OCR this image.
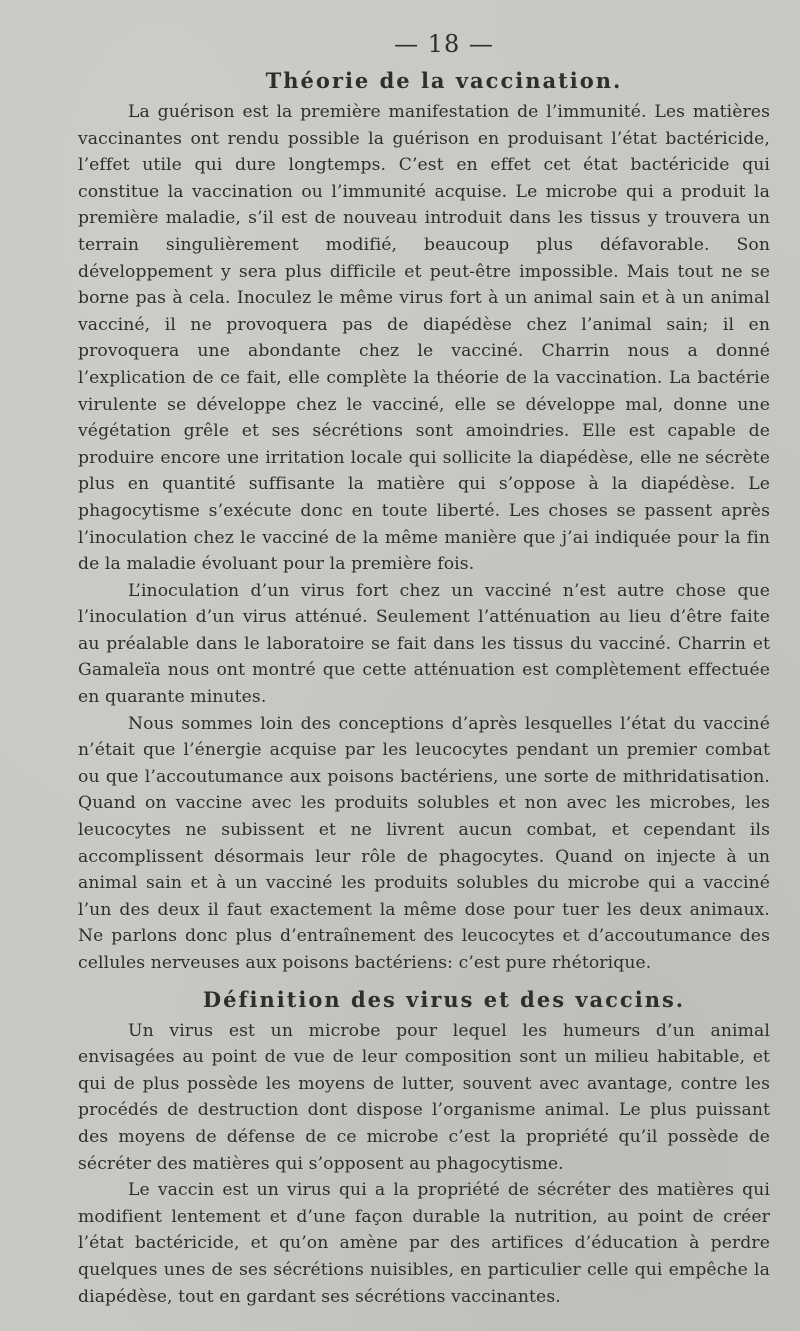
— 18 —
Théorie de la vaccination.

La guérison est la première manifestation de l’immunité. Les matières vaccinantes ont rendu possible la guérison en produisant l’état bactéricide, l’effet utile qui dure longtemps. C’est en effet cet état bactéricide qui constitue la vaccination ou l’immunité acquise. Le microbe qui a produit la première maladie, s’il est de nouveau introduit dans les tissus y trouvera un terrain singulièrement modifié, beaucoup plus défavorable. Son développement y sera plus difficile et peut-être impossible. Mais tout ne se borne pas à cela. Inoculez le même virus fort à un animal sain et à un animal vacciné, il ne provoquera pas de diapédèse chez l’animal sain; il en provoquera une abondante chez le vacciné. Charrin nous a donné l’explication de ce fait, elle complète la théorie de la vaccination. La bactérie virulente se développe chez le vacciné, elle se développe mal, donne une végétation grêle et ses sécrétions sont amoindries. Elle est capable de produire encore une irritation locale qui sollicite la diapédèse, elle ne sécrète plus en quantité suffisante la matière qui s’oppose à la diapédèse. Le phagocytisme s’exécute donc en toute liberté. Les choses se passent après l’inoculation chez le vacciné de la même manière que j’ai indiquée pour la fin de la maladie évoluant pour la première fois.

L’inoculation d’un virus fort chez un vacciné n’est autre chose que l’inoculation d’un virus atténué. Seulement l’atténuation au lieu d’être faite au préalable dans le laboratoire se fait dans les tissus du vacciné. Charrin et Gamaleïa nous ont montré que cette atténuation est complètement effectuée en quarante minutes.

Nous sommes loin des conceptions d’après lesquelles l’état du vacciné n’était que l’énergie acquise par les leucocytes pendant un premier combat ou que l’accoutumance aux poisons bactériens, une sorte de mithridatisation. Quand on vaccine avec les produits solubles et non avec les microbes, les leucocytes ne subissent et ne livrent aucun combat, et cependant ils accomplissent désormais leur rôle de phagocytes. Quand on injecte à un animal sain et à un vacciné les produits solubles du microbe qui a vacciné l’un des deux il faut exactement la même dose pour tuer les deux animaux. Ne parlons donc plus d’entraînement des leucocytes et d’accoutumance des cellules nerveuses aux poisons bactériens: c’est pure rhétorique.

Définition des virus et des vaccins.

Un virus est un microbe pour lequel les humeurs d’un animal envisagées au point de vue de leur composition sont un milieu habitable, et qui de plus possède les moyens de lutter, souvent avec avantage, contre les procédés de destruction dont dispose l’organisme animal. Le plus puissant des moyens de défense de ce microbe c’est la propriété qu’il possède de sécréter des matières qui s’opposent au phagocytisme.

Le vaccin est un virus qui a la propriété de sécréter des matières qui modifient lentement et d’une façon durable la nutrition, au point de créer l’état bactéricide, et qu’on amène par des artifices d’éducation à perdre quelques unes de ses sécrétions nuisibles, en particulier celle qui empêche la diapédèse, tout en gardant ses sécrétions vaccinantes.
